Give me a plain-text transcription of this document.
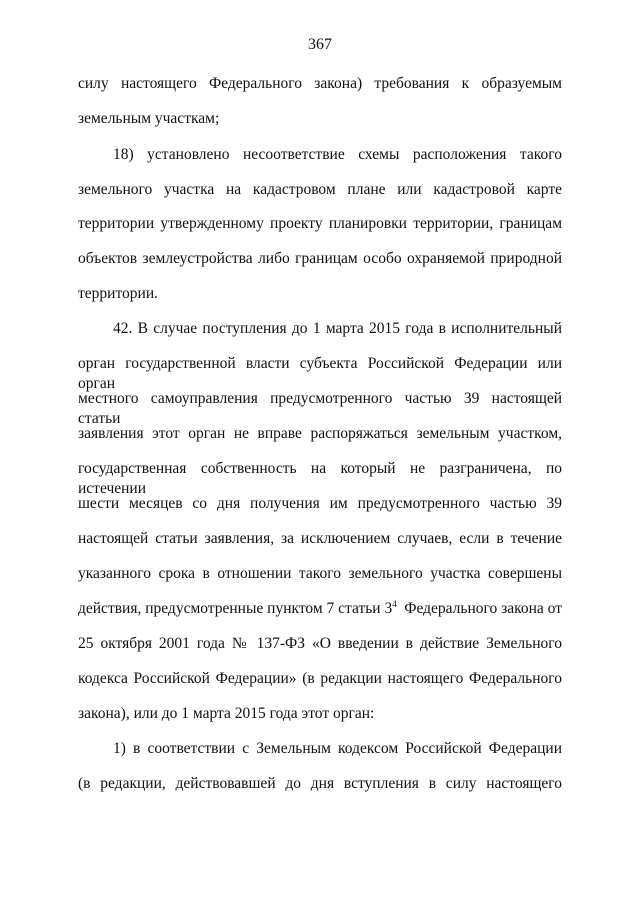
367
силу настоящего Федерального закона) требования к образуемым
земельным участкам;
18) установлено несоответствие схемы расположения такого
земельного участка на кадастровом плане или кадастровой карте
территории утвержденному проекту планировки территории, границам
объектов землеустройства либо границам особо охраняемой природной
территории.
42. В случае поступления до 1 марта 2015 года в исполнительный
орган государственной власти субъекта Российской Федерации или орган
местного самоуправления предусмотренного частью 39 настоящей статьи
заявления этот орган не вправе распоряжаться земельным участком,
государственная собственность на который не разграничена, по истечении
шести месяцев со дня получения им предусмотренного частью 39
настоящей статьи заявления, за исключением случаев, если в течение
указанного срока в отношении такого земельного участка совершены
действия, предусмотренные пунктом 7 статьи $3^4$ Федерального закона от
25 октября 2001 года № 137-ФЗ «О введении в действие Земельного
кодекса Российской Федерации» (в редакции настоящего Федерального
закона), или до 1 марта 2015 года этот орган:
1) в соответствии с Земельным кодексом Российской Федерации
(в редакции, действовавшей до дня вступления в силу настоящего
